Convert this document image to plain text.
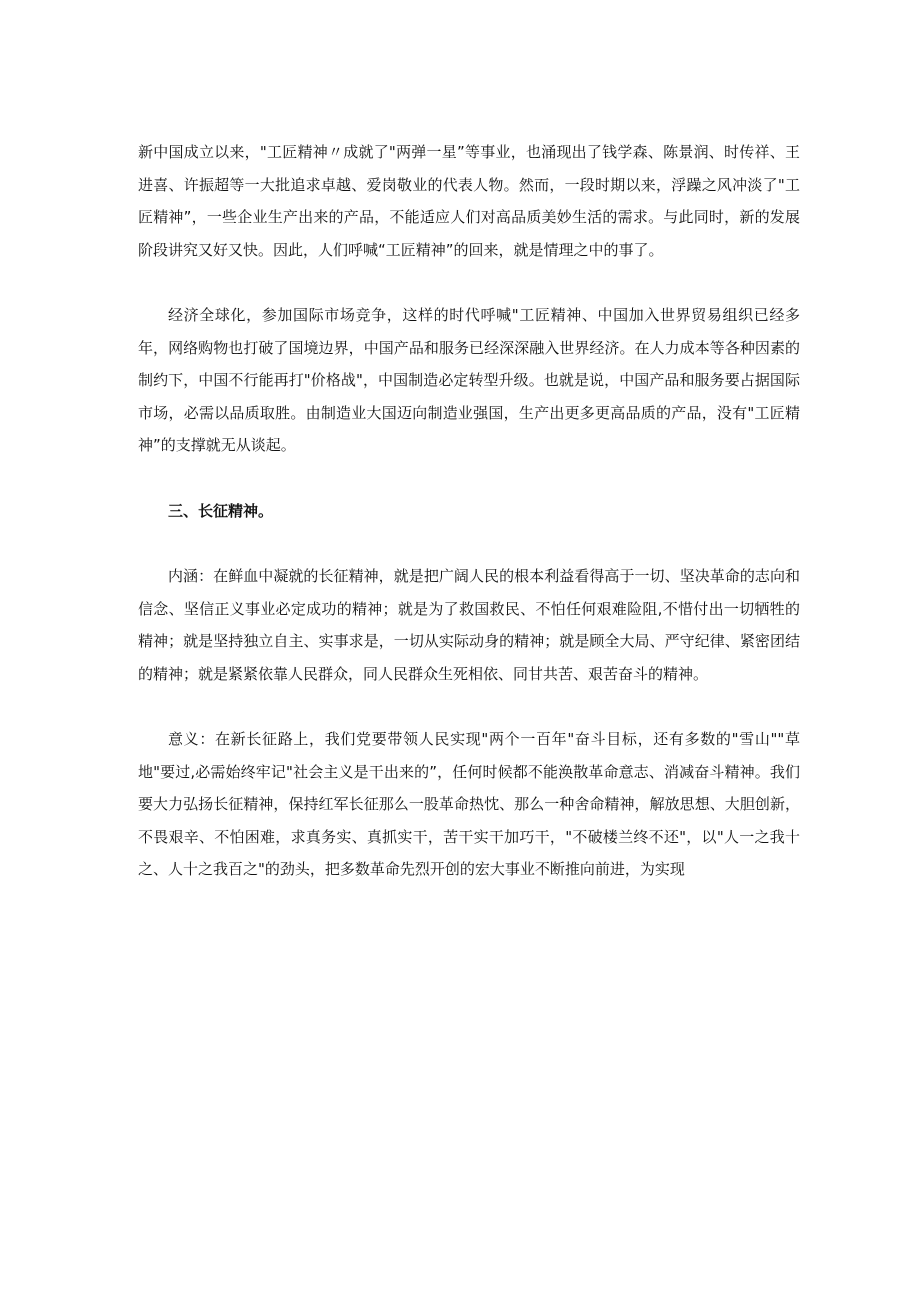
新中国成立以来，"工匠精神〃成就了"两弹一星”等事业，也涌现出了钱学森、陈景润、时传祥、王进喜、许振超等一大批追求卓越、爱岗敬业的代表人物。然而，一段时期以来，浮躁之风冲淡了"工匠精神”，一些企业生产出来的产品，不能适应人们对高品质美妙生活的需求。与此同时，新的发展阶段讲究又好又快。因此，人们呼喊“工匠精神”的回来，就是情理之中的事了。

经济全球化，参加国际市场竞争，这样的时代呼喊"工匠精神、中国加入世界贸易组织已经多年，网络购物也打破了国境边界，中国产品和服务已经深深融入世界经济。在人力成本等各种因素的制约下，中国不行能再打"价格战"，中国制造必定转型升级。也就是说，中国产品和服务要占据国际市场，必需以品质取胜。由制造业大国迈向制造业强国，生产出更多更高品质的产品，没有"工匠精神”的支撑就无从谈起。

三、长征精神。

内涵：在鲜血中凝就的长征精神，就是把广阔人民的根本利益看得高于一切、坚决革命的志向和信念、坚信正义事业必定成功的精神；就是为了救国救民、不怕任何艰难险阻,不惜付出一切牺牲的精神；就是坚持独立自主、实事求是，一切从实际动身的精神；就是顾全大局、严守纪律、紧密团结的精神；就是紧紧依靠人民群众，同人民群众生死相依、同甘共苦、艰苦奋斗的精神。

意义：在新长征路上，我们党要带领人民实现"两个一百年"奋斗目标，还有多数的"雪山""草地"要过,必需始终牢记"社会主义是干出来的”，任何时候都不能涣散革命意志、消减奋斗精神。我们要大力弘扬长征精神，保持红军长征那么一股革命热忱、那么一种舍命精神，解放思想、大胆创新，不畏艰辛、不怕困难，求真务实、真抓实干，苦干实干加巧干，"不破楼兰终不还"，以"人一之我十之、人十之我百之"的劲头，把多数革命先烈开创的宏大事业不断推向前进，为实现
